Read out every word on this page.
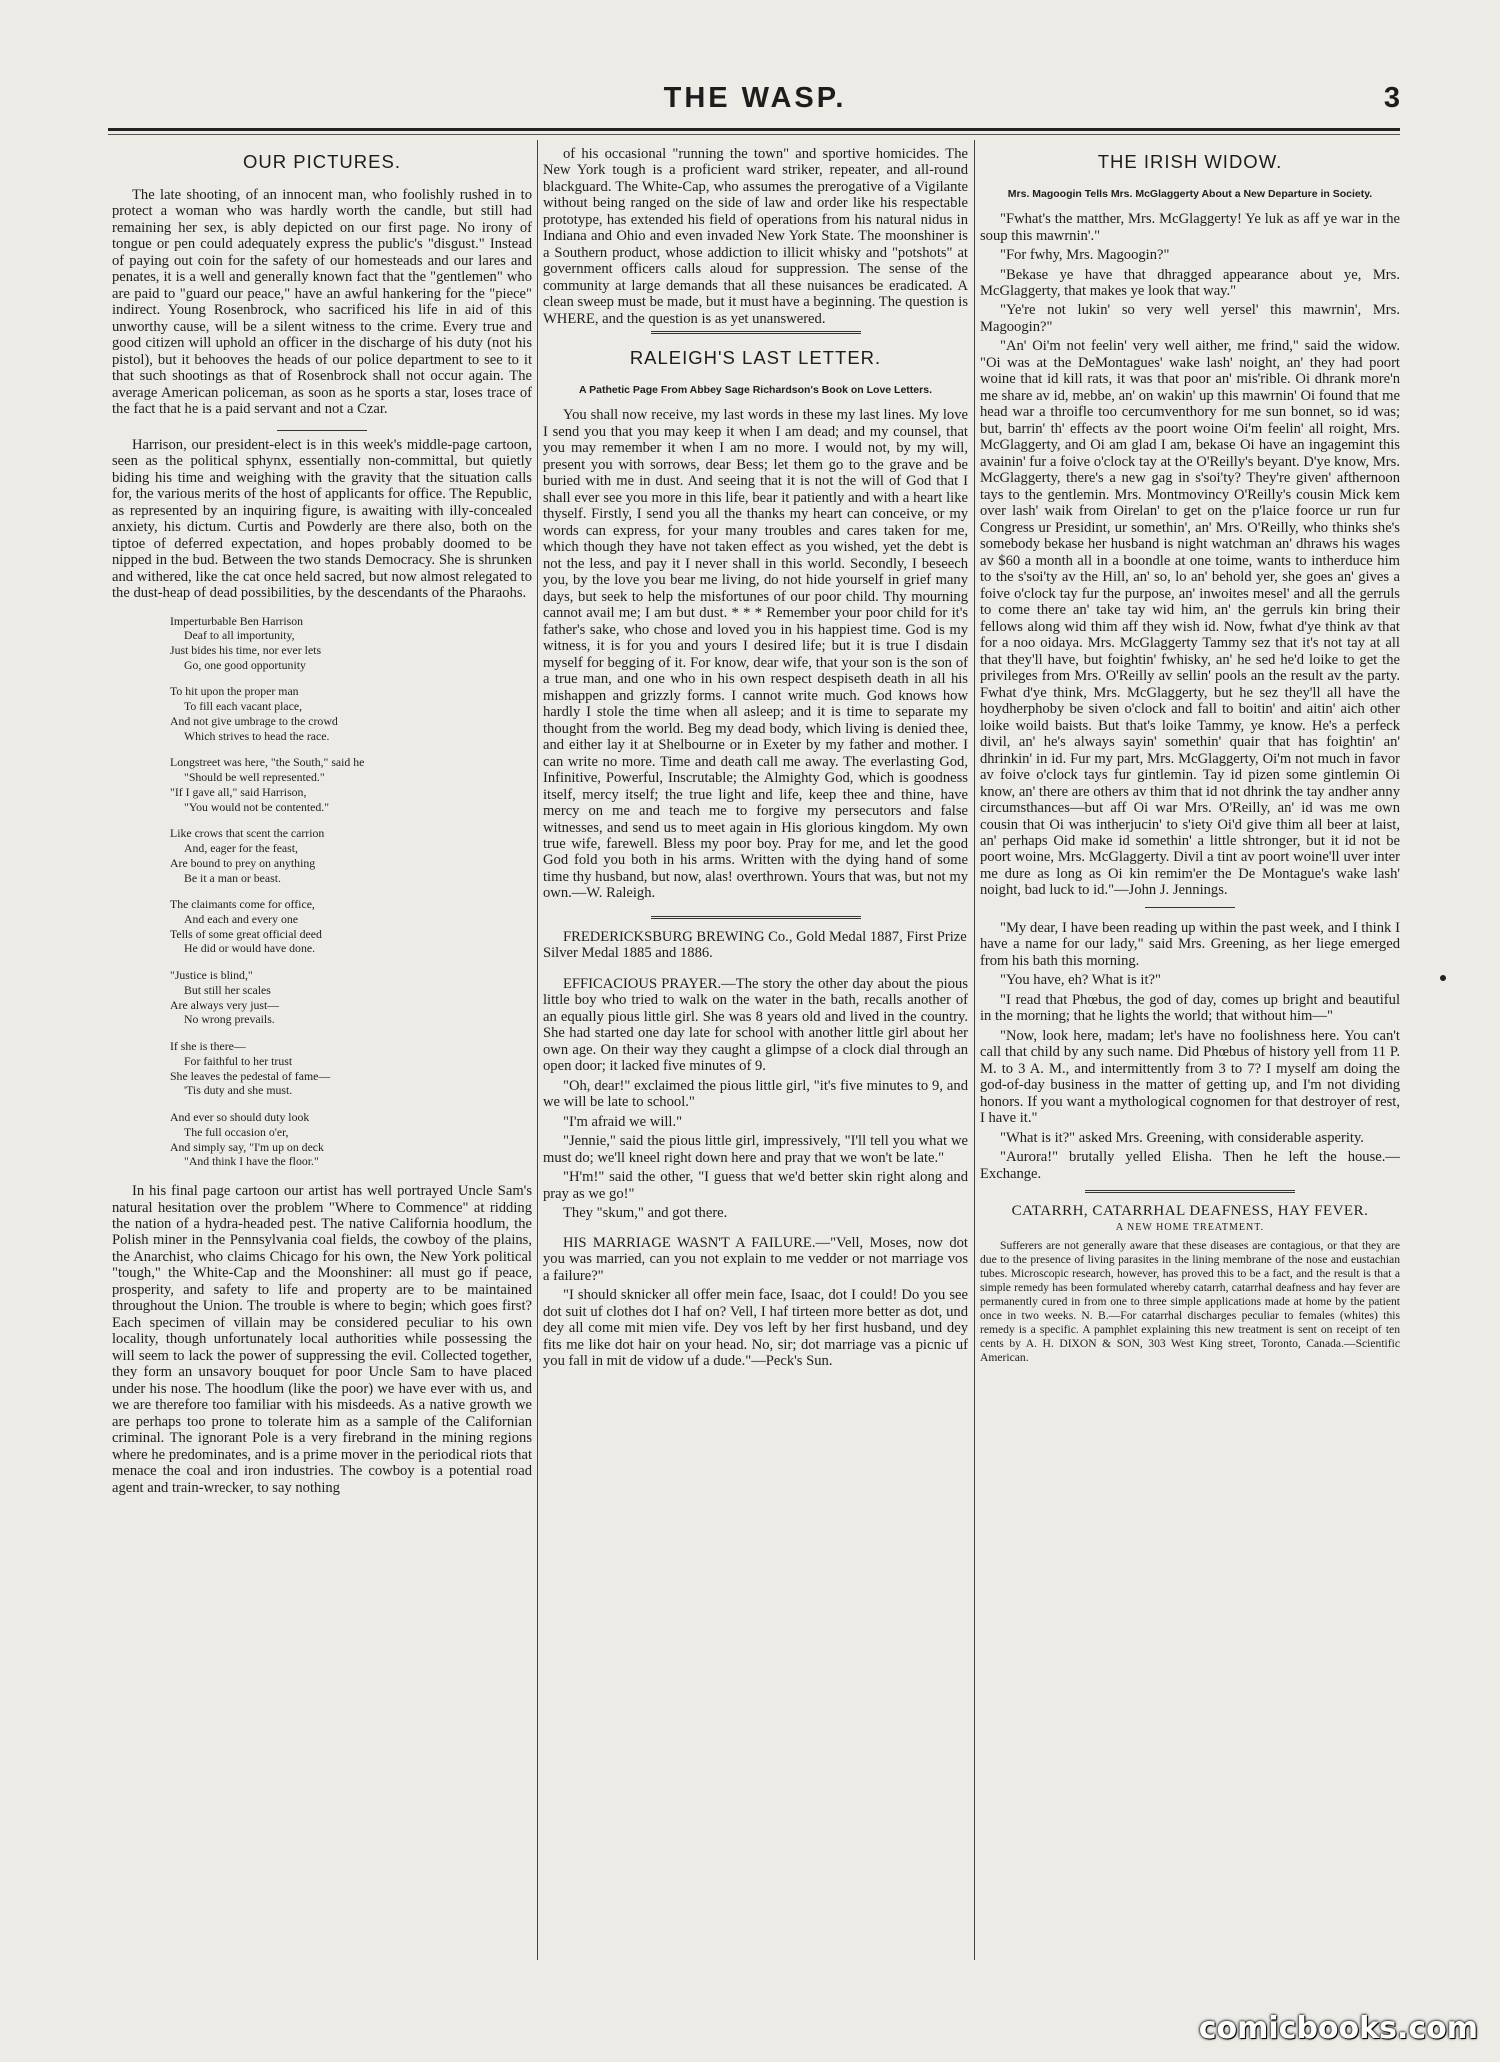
THE WASP.	3

OUR PICTURES.

The late shooting, of an innocent man, who foolishly rushed in to protect a woman who was hardly worth the candle, but still had remaining her sex, is ably depicted on our first page. No irony of tongue or pen could adequately express the public's "disgust." Instead of paying out coin for the safety of our homesteads and our lares and penates, it is a well and generally known fact that the "gentlemen" who are paid to "guard our peace," have an awful hankering for the "piece" indirect. Young Rosenbrock, who sacrificed his life in aid of this unworthy cause, will be a silent witness to the crime. Every true and good citizen will uphold an officer in the discharge of his duty (not his pistol), but it behooves the heads of our police department to see to it that such shootings as that of Rosenbrock shall not occur again. The average American policeman, as soon as he sports a star, loses trace of the fact that he is a paid servant and not a Czar.

Harrison, our president-elect is in this week's middle-page cartoon, seen as the political sphynx, essentially non-committal, but quietly biding his time and weighing with the gravity that the situation calls for, the various merits of the host of applicants for office. The Republic, as represented by an inquiring figure, is awaiting with illy-concealed anxiety, his dictum. Curtis and Powderly are there also, both on the tiptoe of deferred expectation, and hopes probably doomed to be nipped in the bud. Between the two stands Democracy. She is shrunken and withered, like the cat once held sacred, but now almost relegated to the dust-heap of dead possibilities, by the descendants of the Pharaohs.

Imperturbable Ben Harrison
Deaf to all importunity,
Just bides his time, nor ever lets
Go, one good opportunity
To hit upon the proper man
To fill each vacant place,
And not give umbrage to the crowd
Which strives to head the race.
Longstreet was here, "the South," said he
"Should be well represented."
"If I gave all," said Harrison,
"You would not be contented."
Like crows that scent the carrion
And, eager for the feast,
Are bound to prey on anything
Be it a man or beast.
The claimants come for office,
And each and every one
Tells of some great official deed
He did or would have done.
"Justice is blind,"
But still her scales
Are always very just—
No wrong prevails.
If she is there—
For faithful to her trust
She leaves the pedestal of fame—
'Tis duty and she must.
And ever so should duty look
The full occasion o'er,
And simply say, "I'm up on deck
"And think I have the floor."

In his final page cartoon our artist has well portrayed Uncle Sam's natural hesitation over the problem "Where to Commence" at ridding the nation of a hydra-headed pest. The native California hoodlum, the Polish miner in the Pennsylvania coal fields, the cowboy of the plains, the Anarchist, who claims Chicago for his own, the New York political "tough," the White-Cap and the Moonshiner: all must go if peace, prosperity, and safety to life and property are to be maintained throughout the Union. The trouble is where to begin; which goes first? Each specimen of villain may be considered peculiar to his own locality, though unfortunately local authorities while possessing the will seem to lack the power of suppressing the evil. Collected together, they form an unsavory bouquet for poor Uncle Sam to have placed under his nose. The hoodlum (like the poor) we have ever with us, and we are therefore too familiar with his misdeeds. As a native growth we are perhaps too prone to tolerate him as a sample of the Californian criminal. The ignorant Pole is a very firebrand in the mining regions where he predominates, and is a prime mover in the periodical riots that menace the coal and iron industries. The cowboy is a potential road agent and train-wrecker, to say nothing

of his occasional "running the town" and sportive homicides. The New York tough is a proficient ward striker, repeater, and all-round blackguard. The White-Cap, who assumes the prerogative of a Vigilante without being ranged on the side of law and order like his respectable prototype, has extended his field of operations from his natural nidus in Indiana and Ohio and even invaded New York State. The moonshiner is a Southern product, whose addiction to illicit whisky and "potshots" at government officers calls aloud for suppression. The sense of the community at large demands that all these nuisances be eradicated. A clean sweep must be made, but it must have a beginning. The question is WHERE, and the question is as yet unanswered.

RALEIGH'S LAST LETTER.

A Pathetic Page From Abbey Sage Richardson's Book on Love Letters.

You shall now receive, my last words in these my last lines. My love I send you that you may keep it when I am dead; and my counsel, that you may remember it when I am no more. I would not, by my will, present you with sorrows, dear Bess; let them go to the grave and be buried with me in dust. And seeing that it is not the will of God that I shall ever see you more in this life, bear it patiently and with a heart like thyself. Firstly, I send you all the thanks my heart can conceive, or my words can express, for your many troubles and cares taken for me, which though they have not taken effect as you wished, yet the debt is not the less, and pay it I never shall in this world. Secondly, I beseech you, by the love you bear me living, do not hide yourself in grief many days, but seek to help the misfortunes of our poor child. Thy mourning cannot avail me; I am but dust. * * * Remember your poor child for it's father's sake, who chose and loved you in his happiest time. God is my witness, it is for you and yours I desired life; but it is true I disdain myself for begging of it. For know, dear wife, that your son is the son of a true man, and one who in his own respect despiseth death in all his mishappen and grizzly forms. I cannot write much. God knows how hardly I stole the time when all asleep; and it is time to separate my thought from the world. Beg my dead body, which living is denied thee, and either lay it at Shelbourne or in Exeter by my father and mother. I can write no more. Time and death call me away. The everlasting God, Infinitive, Powerful, Inscrutable; the Almighty God, which is goodness itself, mercy itself; the true light and life, keep thee and thine, have mercy on me and teach me to forgive my persecutors and false witnesses, and send us to meet again in His glorious kingdom. My own true wife, farewell. Bless my poor boy. Pray for me, and let the good God fold you both in his arms. Written with the dying hand of some time thy husband, but now, alas! overthrown. Yours that was, but not my own.—W. Raleigh.

FREDERICKSBURG BREWING Co., Gold Medal 1887, First Prize Silver Medal 1885 and 1886.

EFFICACIOUS PRAYER.—The story the other day about the pious little boy who tried to walk on the water in the bath, recalls another of an equally pious little girl. She was 8 years old and lived in the country. She had started one day late for school with another little girl about her own age. On their way they caught a glimpse of a clock dial through an open door; it lacked five minutes of 9.

"Oh, dear!" exclaimed the pious little girl, "it's five minutes to 9, and we will be late to school."

"I'm afraid we will."

"Jennie," said the pious little girl, impressively, "I'll tell you what we must do; we'll kneel right down here and pray that we won't be late."

"H'm!" said the other, "I guess that we'd better skin right along and pray as we go!"

They "skum," and got there.

HIS MARRIAGE WASN'T A FAILURE.—"Vell, Moses, now dot you was married, can you not explain to me vedder or not marriage vos a failure?"

"I should sknicker all offer mein face, Isaac, dot I could! Do you see dot suit uf clothes dot I haf on? Vell, I haf tirteen more better as dot, und dey all come mit mien vife. Dey vos left by her first husband, und dey fits me like dot hair on your head. No, sir; dot marriage vas a picnic uf you fall in mit de vidow uf a dude."—Peck's Sun.

THE IRISH WIDOW.

Mrs. Magoogin Tells Mrs. McGlaggerty About a New Departure in Society.

"Fwhat's the matther, Mrs. McGlaggerty! Ye luk as aff ye war in the soup this mawrnin'."

"For fwhy, Mrs. Magoogin?"

"Bekase ye have that dhragged appearance about ye, Mrs. McGlaggerty, that makes ye look that way."

"Ye're not lukin' so very well yersel' this mawrnin', Mrs. Magoogin?"

"An' Oi'm not feelin' very well aither, me frind," said the widow. "Oi was at the DeMontagues' wake lash' noight, an' they had poort woine that id kill rats, it was that poor an' mis'rible. Oi dhrank more'n me share av id, mebbe, an' on wakin' up this mawrnin' Oi found that me head war a throifle too cercumventhory for me sun bonnet, so id was; but, barrin' th' effects av the poort woine Oi'm feelin' all roight, Mrs. McGlaggerty, and Oi am glad I am, bekase Oi have an ingagemint this avainin' fur a foive o'clock tay at the O'Reilly's beyant. D'ye know, Mrs. McGlaggerty, there's a new gag in s'soi'ty? They're given' afthernoon tays to the gentlemin. Mrs. Montmovincy O'Reilly's cousin Mick kem over lash' waik from Oirelan' to get on the p'laice foorce ur run fur Congress ur Presidint, ur somethin', an' Mrs. O'Reilly, who thinks she's somebody bekase her husband is night watchman an' dhraws his wages av $60 a month all in a boondle at one toime, wants to intherduce him to the s'soi'ty av the Hill, an' so, lo an' behold yer, she goes an' gives a foive o'clock tay fur the purpose, an' inwoites mesel' and all the gerruls to come there an' take tay wid him, an' the gerruls kin bring their fellows along wid thim aff they wish id. Now, fwhat d'ye think av that for a noo oidaya. Mrs. McGlaggerty Tammy sez that it's not tay at all that they'll have, but foightin' fwhisky, an' he sed he'd loike to get the privileges from Mrs. O'Reilly av sellin' pools an the result av the party. Fwhat d'ye think, Mrs. McGlaggerty, but he sez they'll all have the hoydherphoby be siven o'clock and fall to boitin' and aitin' aich other loike woild baists. But that's loike Tammy, ye know. He's a perfeck divil, an' he's always sayin' somethin' quair that has foightin' an' dhrinkin' in id. Fur my part, Mrs. McGlaggerty, Oi'm not much in favor av foive o'clock tays fur gintlemin. Tay id pizen some gintlemin Oi know, an' there are others av thim that id not dhrink the tay andher anny circumsthances—but aff Oi war Mrs. O'Reilly, an' id was me own cousin that Oi was intherjucin' to s'iety Oi'd give thim all beer at laist, an' perhaps Oid make id somethin' a little shtronger, but it id not be poort woine, Mrs. McGlaggerty. Divil a tint av poort woine'll uver inter me dure as long as Oi kin remim'er the De Montague's wake lash' noight, bad luck to id."—John J. Jennings.

"My dear, I have been reading up within the past week, and I think I have a name for our lady," said Mrs. Greening, as her liege emerged from his bath this morning.

"You have, eh? What is it?"

"I read that Phœbus, the god of day, comes up bright and beautiful in the morning; that he lights the world; that without him—"

"Now, look here, madam; let's have no foolishness here. You can't call that child by any such name. Did Phœbus of history yell from 11 P. M. to 3 A. M., and intermittently from 3 to 7? I myself am doing the god-of-day business in the matter of getting up, and I'm not dividing honors. If you want a mythological cognomen for that destroyer of rest, I have it."

"What is it?" asked Mrs. Greening, with considerable asperity.

"Aurora!" brutally yelled Elisha. Then he left the house.—Exchange.

CATARRH, CATARRHAL DEAFNESS, HAY FEVER.

A NEW HOME TREATMENT.

Sufferers are not generally aware that these diseases are contagious, or that they are due to the presence of living parasites in the lining membrane of the nose and eustachian tubes. Microscopic research, however, has proved this to be a fact, and the result is that a simple remedy has been formulated whereby catarrh, catarrhal deafness and hay fever are permanently cured in from one to three simple applications made at home by the patient once in two weeks. N. B.—For catarrhal discharges peculiar to females (whites) this remedy is a specific. A pamphlet explaining this new treatment is sent on receipt of ten cents by A. H. DIXON & SON, 303 West King street, Toronto, Canada.—Scientific American.

comicbooks.com
